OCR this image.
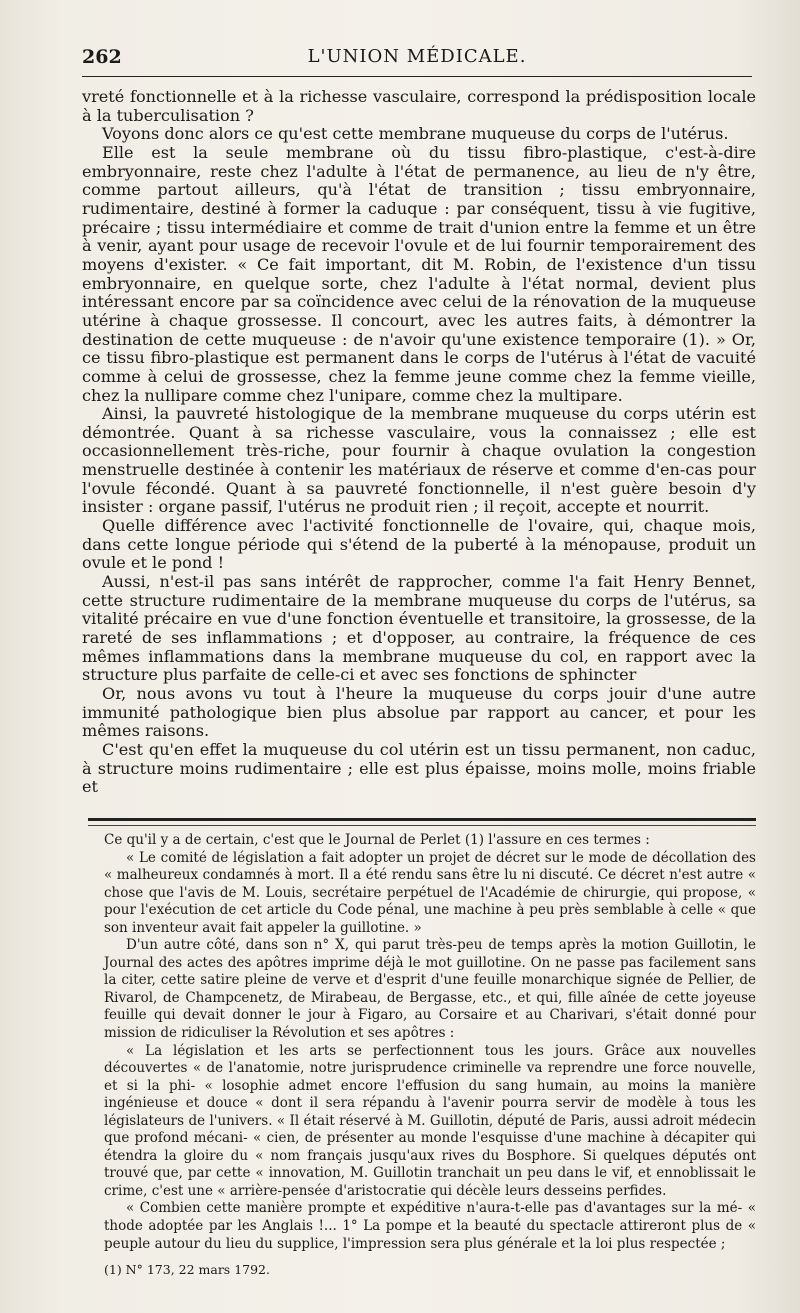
262	L'UNION MÉDICALE.

vreté fonctionnelle et à la richesse vasculaire, correspond la prédisposition locale à la tuberculisation ?

Voyons donc alors ce qu'est cette membrane muqueuse du corps de l'utérus.

Elle est la seule membrane où du tissu fibro-plastique, c'est-à-dire embryonnaire, reste chez l'adulte à l'état de permanence, au lieu de n'y être, comme partout ailleurs, qu'à l'état de transition ; tissu embryonnaire, rudimentaire, destiné à former la caduque : par conséquent, tissu à vie fugitive, précaire ; tissu intermédiaire et comme de trait d'union entre la femme et un être à venir, ayant pour usage de recevoir l'ovule et de lui fournir temporairement des moyens d'exister. « Ce fait important, dit M. Robin, de l'existence d'un tissu embryonnaire, en quelque sorte, chez l'adulte à l'état normal, devient plus intéressant encore par sa coïncidence avec celui de la rénovation de la muqueuse utérine à chaque grossesse. Il concourt, avec les autres faits, à démontrer la destination de cette muqueuse : de n'avoir qu'une existence temporaire (1). » Or, ce tissu fibro-plastique est permanent dans le corps de l'utérus à l'état de vacuité comme à celui de grossesse, chez la femme jeune comme chez la femme vieille, chez la nullipare comme chez l'unipare, comme chez la multipare.

Ainsi, la pauvreté histologique de la membrane muqueuse du corps utérin est démontrée. Quant à sa richesse vasculaire, vous la connaissez ; elle est occasionnellement très-riche, pour fournir à chaque ovulation la congestion menstruelle destinée à contenir les matériaux de réserve et comme d'en-cas pour l'ovule fécondé. Quant à sa pauvreté fonctionnelle, il n'est guère besoin d'y insister : organe passif, l'utérus ne produit rien ; il reçoit, accepte et nourrit.

Quelle différence avec l'activité fonctionnelle de l'ovaire, qui, chaque mois, dans cette longue période qui s'étend de la puberté à la ménopause, produit un ovule et le pond !

Aussi, n'est-il pas sans intérêt de rapprocher, comme l'a fait Henry Bennet, cette structure rudimentaire de la membrane muqueuse du corps de l'utérus, sa vitalité précaire en vue d'une fonction éventuelle et transitoire, la grossesse, de la rareté de ses inflammations ; et d'opposer, au contraire, la fréquence de ces mêmes inflammations dans la membrane muqueuse du col, en rapport avec la structure plus parfaite de celle-ci et avec ses fonctions de sphincter

Or, nous avons vu tout à l'heure la muqueuse du corps jouir d'une autre immunité pathologique bien plus absolue par rapport au cancer, et pour les mêmes raisons.

C'est qu'en effet la muqueuse du col utérin est un tissu permanent, non caduc, à structure moins rudimentaire ; elle est plus épaisse, moins molle, moins friable et

Ce qu'il y a de certain, c'est que le Journal de Perlet (1) l'assure en ces termes :

« Le comité de législation a fait adopter un projet de décret sur le mode de décollation des « malheureux condamnés à mort. Il a été rendu sans être lu ni discuté. Ce décret n'est autre « chose que l'avis de M. Louis, secrétaire perpétuel de l'Académie de chirurgie, qui propose, « pour l'exécution de cet article du Code pénal, une machine à peu près semblable à celle « que son inventeur avait fait appeler la guillotine. »

D'un autre côté, dans son n° X, qui parut très-peu de temps après la motion Guillotin, le Journal des actes des apôtres imprime déjà le mot guillotine. On ne passe pas facilement sans la citer, cette satire pleine de verve et d'esprit d'une feuille monarchique signée de Pellier, de Rivarol, de Champcenetz, de Mirabeau, de Bergasse, etc., et qui, fille aînée de cette joyeuse feuille qui devait donner le jour à Figaro, au Corsaire et au Charivari, s'était donné pour mission de ridiculiser la Révolution et ses apôtres :

« La législation et les arts se perfectionnent tous les jours. Grâce aux nouvelles découvertes « de l'anatomie, notre jurisprudence criminelle va reprendre une force nouvelle, et si la phi- « losophie admet encore l'effusion du sang humain, au moins la manière ingénieuse et douce « dont il sera répandu à l'avenir pourra servir de modèle à tous les législateurs de l'univers. « Il était réservé à M. Guillotin, député de Paris, aussi adroit médecin que profond mécani- « cien, de présenter au monde l'esquisse d'une machine à décapiter qui étendra la gloire du « nom français jusqu'aux rives du Bosphore. Si quelques députés ont trouvé que, par cette « innovation, M. Guillotin tranchait un peu dans le vif, et ennoblissait le crime, c'est une « arrière-pensée d'aristocratie qui décèle leurs desseins perfides.

« Combien cette manière prompte et expéditive n'aura-t-elle pas d'avantages sur la mé- « thode adoptée par les Anglais !... 1° La pompe et la beauté du spectacle attireront plus de « peuple autour du lieu du supplice, l'impression sera plus générale et la loi plus respectée ;

(1) N° 173, 22 mars 1792.
